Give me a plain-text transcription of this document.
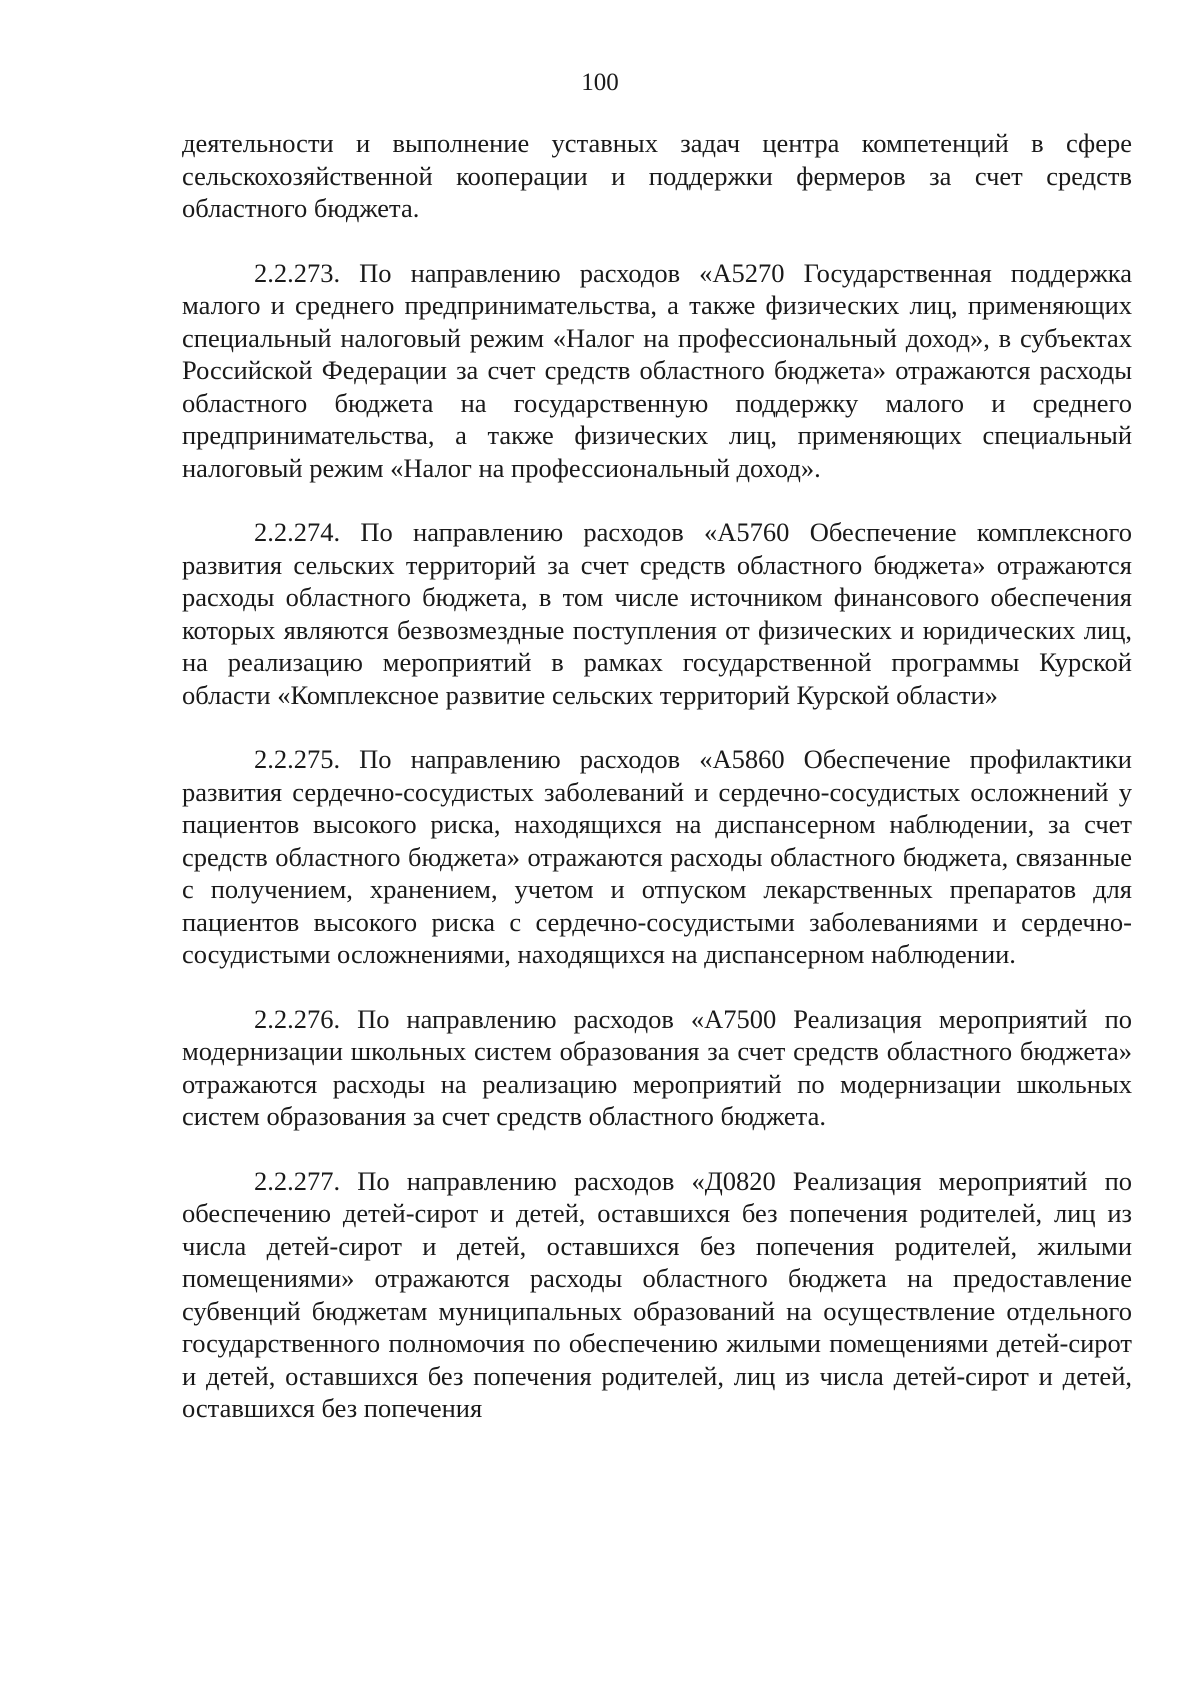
100

деятельности и выполнение уставных задач центра компетенций в сфере сельскохозяйственной кооперации и поддержки фермеров за счет средств областного бюджета.

2.2.273. По направлению расходов «А5270 Государственная поддержка малого и среднего предпринимательства, а также физических лиц, применяющих специальный налоговый режим «Налог на профессиональный доход», в субъектах Российской Федерации за счет средств областного бюджета» отражаются расходы областного бюджета на государственную поддержку малого и среднего предпринимательства, а также физических лиц, применяющих специальный налоговый режим «Налог на профессиональный доход».

2.2.274. По направлению расходов «А5760 Обеспечение комплексного развития сельских территорий за счет средств областного бюджета» отражаются расходы областного бюджета, в том числе источником финансового обеспечения которых являются безвозмездные поступления от физических и юридических лиц, на реализацию мероприятий в рамках государственной программы Курской области «Комплексное развитие сельских территорий Курской области»

2.2.275. По направлению расходов «А5860 Обеспечение профилактики развития сердечно-сосудистых заболеваний и сердечно-сосудистых осложнений у пациентов высокого риска, находящихся на диспансерном наблюдении, за счет средств областного бюджета» отражаются расходы областного бюджета, связанные с получением, хранением, учетом и отпуском лекарственных препаратов для пациентов высокого риска с сердечно-сосудистыми заболеваниями и сердечно-сосудистыми осложнениями, находящихся на диспансерном наблюдении.

2.2.276. По направлению расходов «А7500 Реализация мероприятий по модернизации школьных систем образования за счет средств областного бюджета» отражаются расходы на реализацию мероприятий по модернизации школьных систем образования за счет средств областного бюджета.

2.2.277. По направлению расходов «Д0820 Реализация мероприятий по обеспечению детей-сирот и детей, оставшихся без попечения родителей, лиц из числа детей-сирот и детей, оставшихся без попечения родителей, жилыми помещениями» отражаются расходы областного бюджета на предоставление субвенций бюджетам муниципальных образований на осуществление отдельного государственного полномочия по обеспечению жилыми помещениями детей-сирот и детей, оставшихся без попечения родителей, лиц из числа детей-сирот и детей, оставшихся без попечения
